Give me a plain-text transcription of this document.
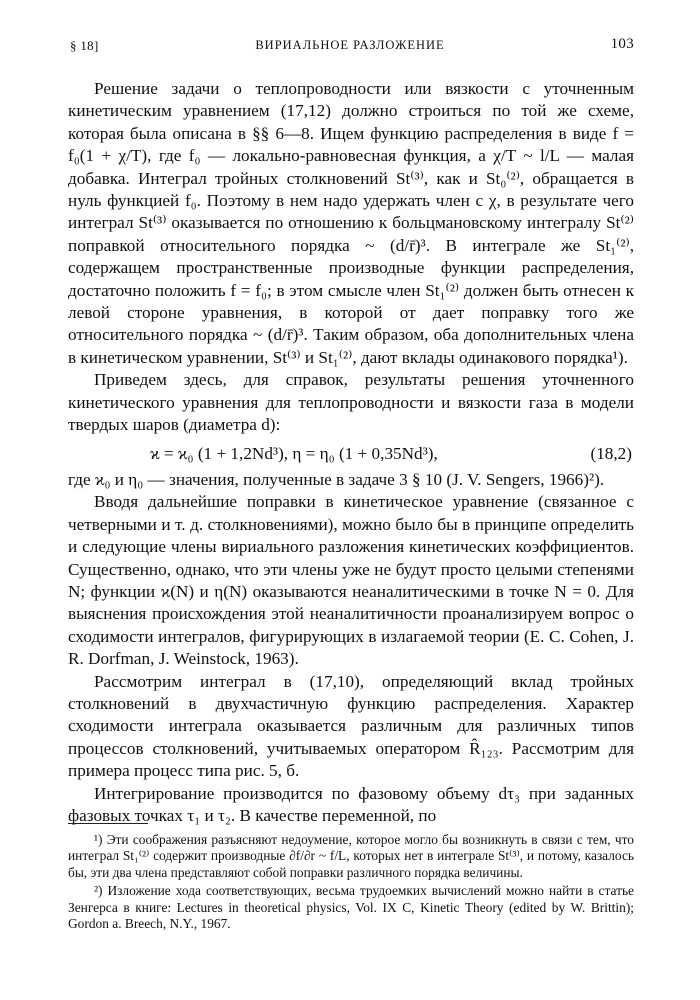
§ 18]	ВИРИАЛЬНОЕ РАЗЛОЖЕНИЕ	103

Решение задачи о теплопроводности или вязкости с уточненным кинетическим уравнением (17,12) должно строиться по той же схеме, которая была описана в §§ 6—8. Ищем функцию распределения в виде f = f₀(1 + χ/T), где f₀ — локально-равновесная функция, а χ/T ~ l/L — малая добавка. Интеграл тройных столкновений St⁽³⁾, как и St₀⁽²⁾, обращается в нуль функцией f₀. Поэтому в нем надо удержать член с χ, в результате чего интеграл St⁽³⁾ оказывается по отношению к больцмановскому интегралу St⁽²⁾ поправкой относительного порядка ~ (d/r̄)³. В интеграле же St₁⁽²⁾, содержащем пространственные производные функции распределения, достаточно положить f = f₀; в этом смысле член St₁⁽²⁾ должен быть отнесен к левой стороне уравнения, в которой от дает поправку того же относительного порядка ~ (d/r̄)³. Таким образом, оба дополнительных члена в кинетическом уравнении, St⁽³⁾ и St₁⁽²⁾, дают вклады одинакового порядка¹).

Приведем здесь, для справок, результаты решения уточненного кинетического уравнения для теплопроводности и вязкости газа в модели твердых шаров (диаметра d):

ϰ = ϰ₀ (1 + 1,2Nd³), η = η₀ (1 + 0,35Nd³),	(18,2)

где ϰ₀ и η₀ — значения, полученные в задаче 3 § 10 (J. V. Sengers, 1966)²).

Вводя дальнейшие поправки в кинетическое уравнение (связанное с четверными и т. д. столкновениями), можно было бы в принципе определить и следующие члены вириального разложения кинетических коэффициентов. Существенно, однако, что эти члены уже не будут просто целыми степенями N; функции ϰ(N) и η(N) оказываются неаналитическими в точке N = 0. Для выяснения происхождения этой неаналитичности проанализируем вопрос о сходимости интегралов, фигурирующих в излагаемой теории (E. C. Cohen, J. R. Dorfman, J. Weinstock, 1963).

Рассмотрим интеграл в (17,10), определяющий вклад тройных столкновений в двухчастичную функцию распределения. Характер сходимости интеграла оказывается различным для различных типов процессов столкновений, учитываемых оператором R̂₁₂₃. Рассмотрим для примера процесс типа рис. 5, б.

Интегрирование производится по фазовому объему dτ₃ при заданных фазовых точках τ₁ и τ₂. В качестве переменной, по

¹) Эти соображения разъясняют недоумение, которое могло бы возникнуть в связи с тем, что интеграл St₁⁽²⁾ содержит производные ∂f/∂r ~ f/L, которых нет в интеграле St⁽³⁾, и потому, казалось бы, эти два члена представляют собой поправки различного порядка величины.

²) Изложение хода соответствующих, весьма трудоемких вычислений можно найти в статье Зенгерса в книге: Lectures in theoretical physics, Vol. IX C, Kinetic Theory (edited by W. Brittin); Gordon a. Breech, N.Y., 1967.
